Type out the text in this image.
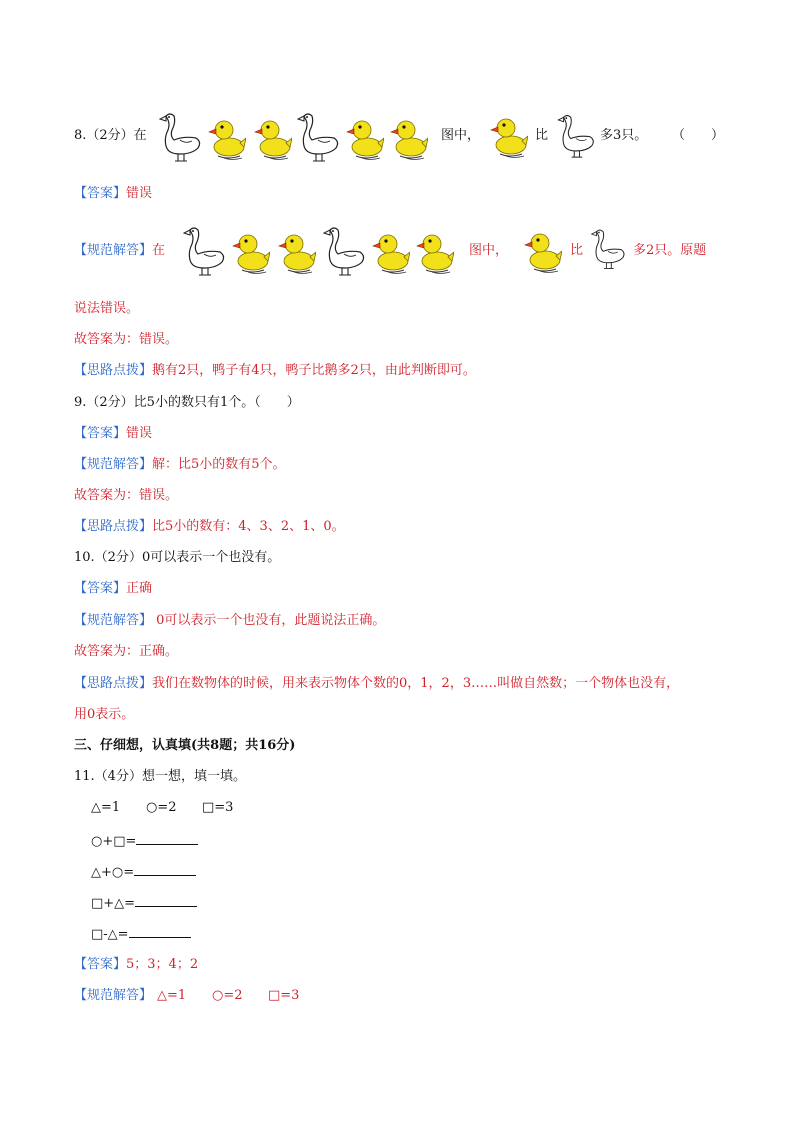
8.（2分）在	图中，	比	多3只。 （　　）
【答案】错误
【规范解答】在	图中，	比	多2只。原题
说法错误。
故答案为：错误。
【思路点拨】鹅有2只，鸭子有4只，鸭子比鹅多2只，由此判断即可。
9.（2分）比5小的数只有1个。（　　）
【答案】错误
【规范解答】解：比5小的数有5个。
故答案为：错误。
【思路点拨】比5小的数有：4、3、2、1、0。
10.（2分）0可以表示一个也没有。
【答案】正确
【规范解答】 0可以表示一个也没有，此题说法正确。
故答案为：正确。
【思路点拨】我们在数物体的时候，用来表示物体个数的0，1，2，3……叫做自然数；一个物体也没有，
用0表示。
三、仔细想，认真填(共8题；共16分)
11.（4分）想一想，填一填。
△=1 ○=2 □=3
○+□=
△+○=
□+△=
□-△=
【答案】5；3；4；2
【规范解答】 △=1 ○=2 □=3
